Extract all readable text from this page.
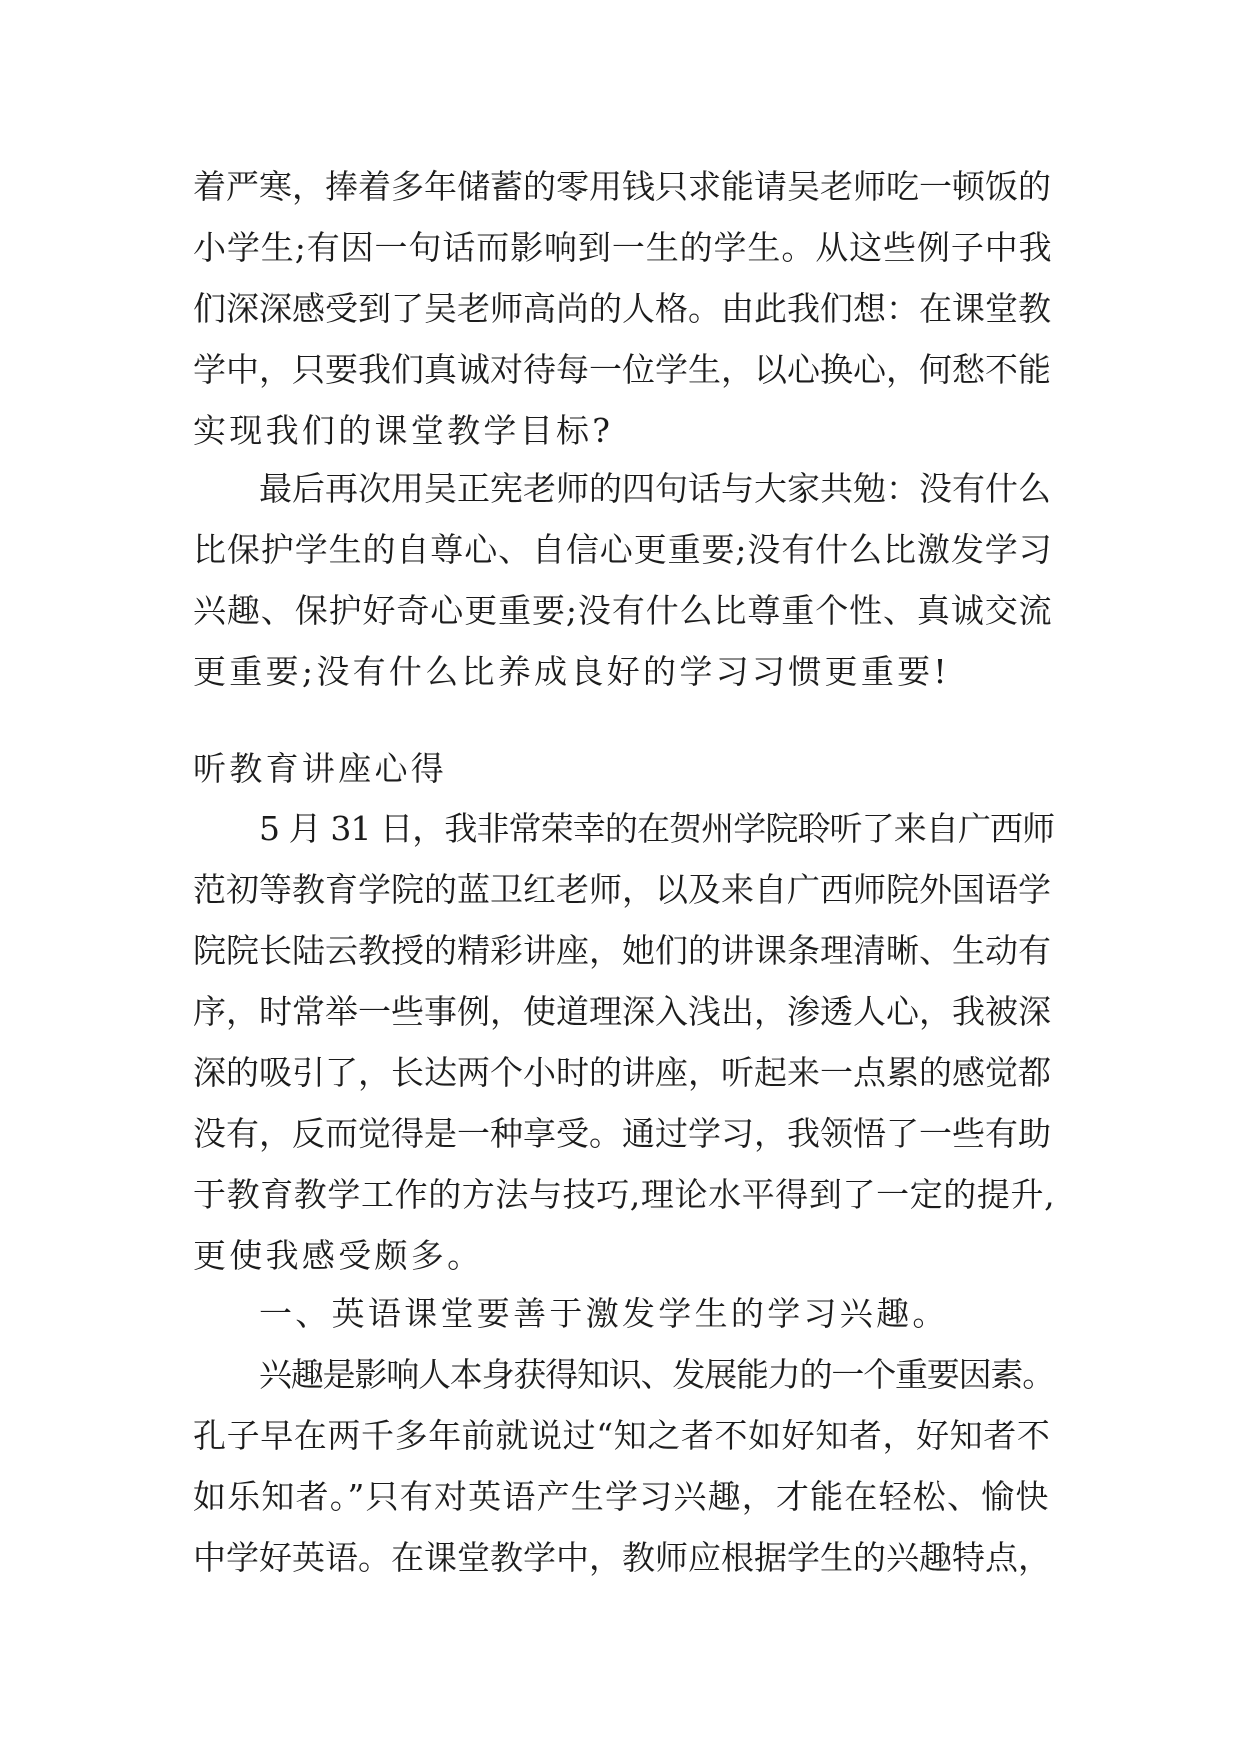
着严寒，捧着多年储蓄的零用钱只求能请吴老师吃一顿饭的
小学生;有因一句话而影响到一生的学生。从这些例子中我
们深深感受到了吴老师高尚的人格。由此我们想：在课堂教
学中，只要我们真诚对待每一位学生，以心换心，何愁不能
实现我们的课堂教学目标?
最后再次用吴正宪老师的四句话与大家共勉：没有什么
比保护学生的自尊心、自信心更重要;没有什么比激发学习
兴趣、保护好奇心更重要;没有什么比尊重个性、真诚交流
更重要;没有什么比养成良好的学习习惯更重要!
听教育讲座心得
5 月 31 日，我非常荣幸的在贺州学院聆听了来自广西师
范初等教育学院的蓝卫红老师，以及来自广西师院外国语学
院院长陆云教授的精彩讲座，她们的讲课条理清晰、生动有
序，时常举一些事例，使道理深入浅出，渗透人心，我被深
深的吸引了，长达两个小时的讲座，听起来一点累的感觉都
没有，反而觉得是一种享受。通过学习，我领悟了一些有助
于教育教学工作的方法与技巧,理论水平得到了一定的提升,
更使我感受颇多。
一、英语课堂要善于激发学生的学习兴趣。
兴趣是影响人本身获得知识、发展能力的一个重要因素。
孔子早在两千多年前就说过“知之者不如好知者，好知者不
如乐知者。”只有对英语产生学习兴趣，才能在轻松、愉快
中学好英语。在课堂教学中，教师应根据学生的兴趣特点，
